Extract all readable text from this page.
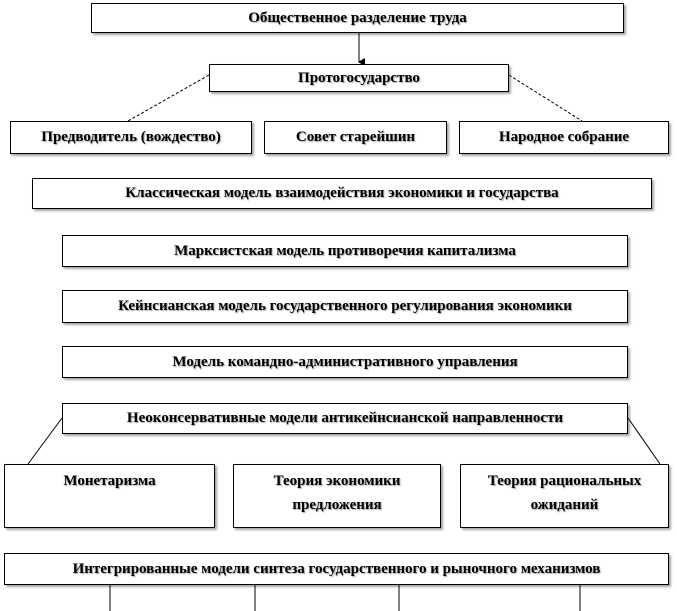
Общественное разделение труда
Протогосударство
Предводитель (вождество)	Совет старейшин	Народное собрание
Классическая модель взаимодействия экономики и государства
Марксистская модель противоречия капитализма
Кейнсианская модель государственного регулирования экономики
Модель командно-административного управления
Неоконсервативные модели антикейнсианской направленности
Монетаризма	Теория экономики предложения
Теория рациональных ожиданий
Интегрированные модели синтеза государственного и рыночного механизмов
